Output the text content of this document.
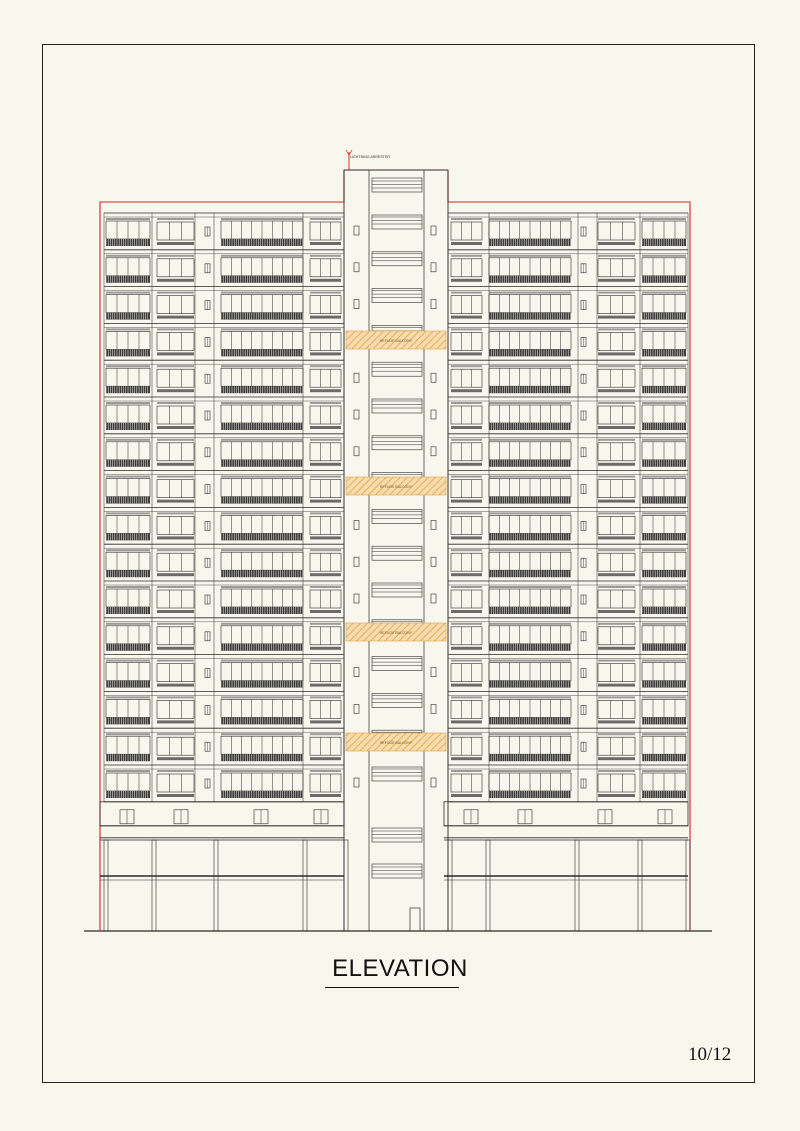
REFUGE BALCONY
REFUGE BALCONY
REFUGE BALCONY
REFUGE BALCONY
LIGHTNING ARRESTER
ELEVATION
10/12
